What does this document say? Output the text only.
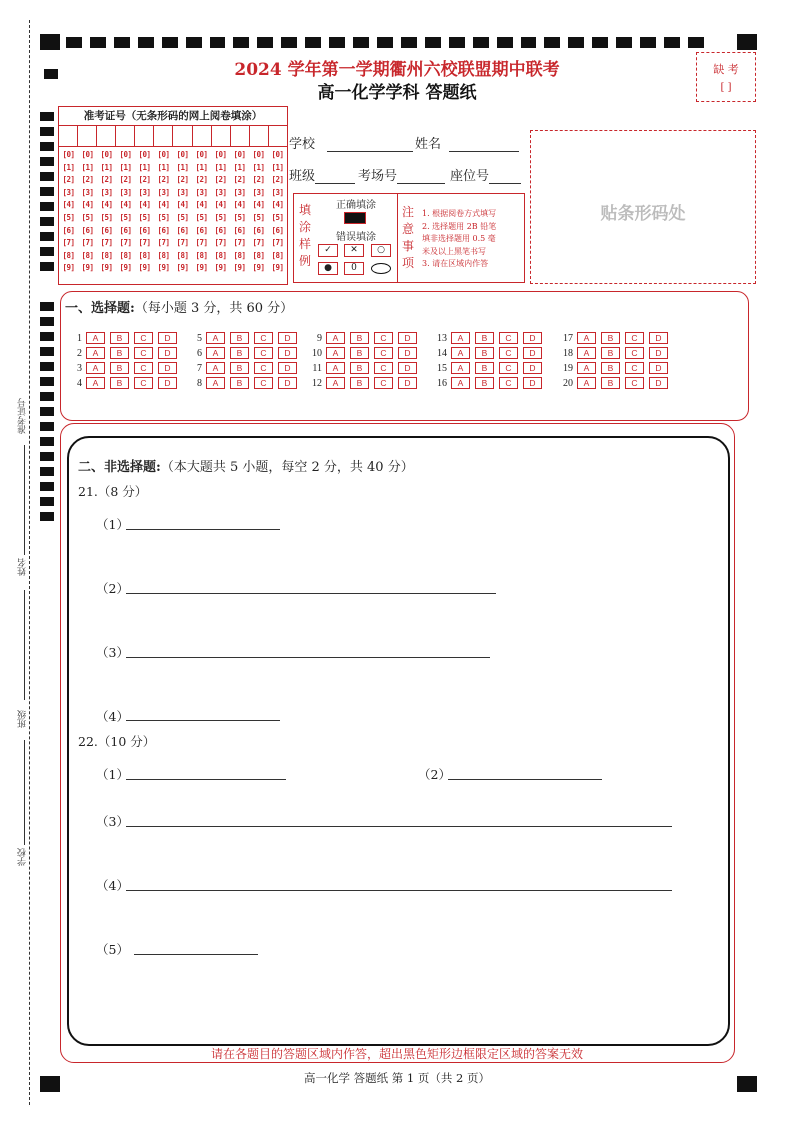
准考证号
姓名
班级
学校
2024 学年第一学期衢州六校联盟期中联考
高一化学学科 答题纸
缺 考
[ ]
准考证号（无条形码的网上阅卷填涂）
[0] [0] [0] [0] [0] [0] [0] [0] [0] [0] [0] [0]
[1] [1] [1] [1] [1] [1] [1] [1] [1] [1] [1] [1]
[2] [2] [2] [2] [2] [2] [2] [2] [2] [2] [2] [2]
[3] [3] [3] [3] [3] [3] [3] [3] [3] [3] [3] [3]
[4] [4] [4] [4] [4] [4] [4] [4] [4] [4] [4] [4]
[5] [5] [5] [5] [5] [5] [5] [5] [5] [5] [5] [5]
[6] [6] [6] [6] [6] [6] [6] [6] [6] [6] [6] [6]
[7] [7] [7] [7] [7] [7] [7] [7] [7] [7] [7] [7]
[8] [8] [8] [8] [8] [8] [8] [8] [8] [8] [8] [8]
[9] [9] [9] [9] [9] [9] [9] [9] [9] [9] [9] [9]
学校	姓名
班级	考场号	座位号
填
涂
样
例
正确填涂
错误填涂
✓	✕	○
●	0
注
意
事
项
1. 根据阅卷方式填写
2. 选择题用 2B 铅笔
填非选择题用 0.5 毫
米及以上黑笔书写
3. 请在区域内作答
贴条形码处
一、选择题:（每小题 3 分，共 60 分）
1	A	B	C	D
2	A	B	C	D
3	A	B	C	D
4	A	B	C	D
5	A	B	C	D
6	A	B	C	D
7	A	B	C	D
8	A	B	C	D
9	A	B	C	D
10	A	B	C	D
11	A	B	C	D
12	A	B	C	D
13	A	B	C	D
14	A	B	C	D
15	A	B	C	D
16	A	B	C	D
17	A	B	C	D
18	A	B	C	D
19	A	B	C	D
20	A	B	C	D
二、非选择题:（本大题共 5 小题，每空 2 分，共 40 分）
21.（8 分）
（1）
（2）
（3）
（4）
22.（10 分）
（1）	（2）
（3）
（4）
（5）
请在各题目的答题区域内作答，超出黑色矩形边框限定区域的答案无效
高一化学 答题纸 第 1 页（共 2 页）
